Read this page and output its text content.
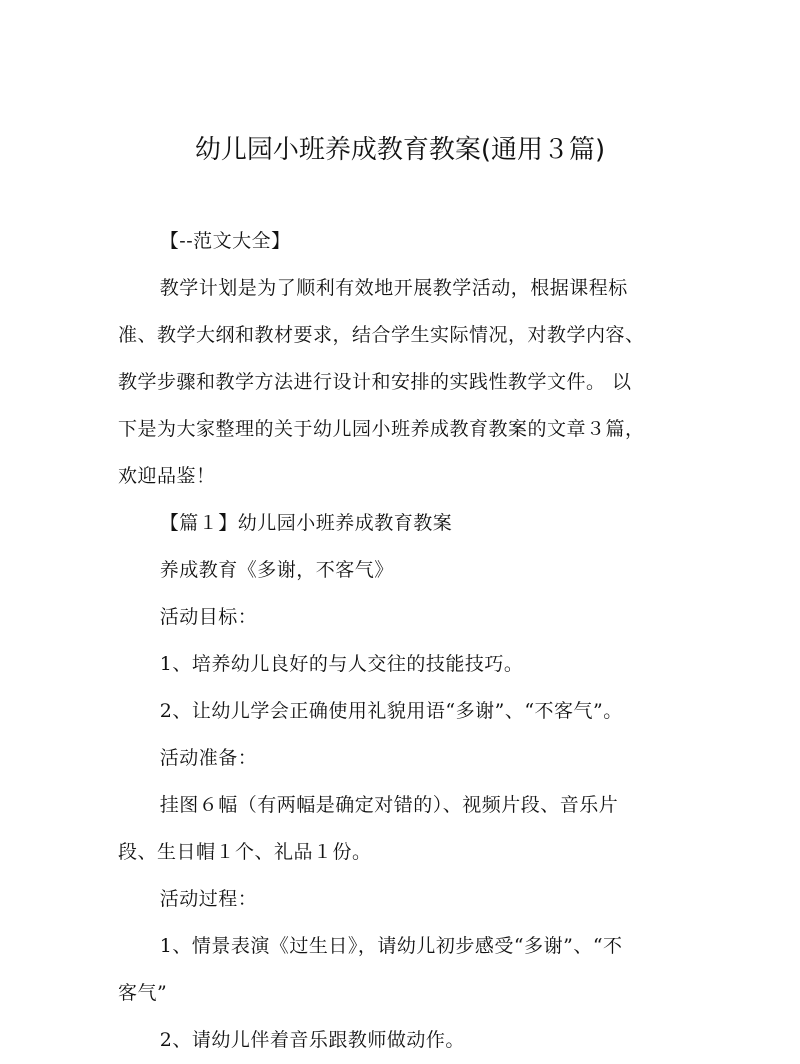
幼儿园小班养成教育教案(通用３篇)

【--范文大全】

教学计划是为了顺利有效地开展教学活动，根据课程标
准、教学大纲和教材要求，结合学生实际情况，对教学内容、
教学步骤和教学方法进行设计和安排的实践性教学文件。 以
下是为大家整理的关于幼儿园小班养成教育教案的文章３篇，
欢迎品鉴！

【篇１】幼儿园小班养成教育教案

养成教育《多谢，不客气》

活动目标：

1、培养幼儿良好的与人交往的技能技巧。

2、让幼儿学会正确使用礼貌用语“多谢”、“不客气”。

活动准备：

挂图６幅（有两幅是确定对错的）、视频片段、音乐片
段、生日帽１个、礼品１份。

活动过程：

1、情景表演《过生日》，请幼儿初步感受“多谢”、“不
客气”

2、请幼儿伴着音乐跟教师做动作。
